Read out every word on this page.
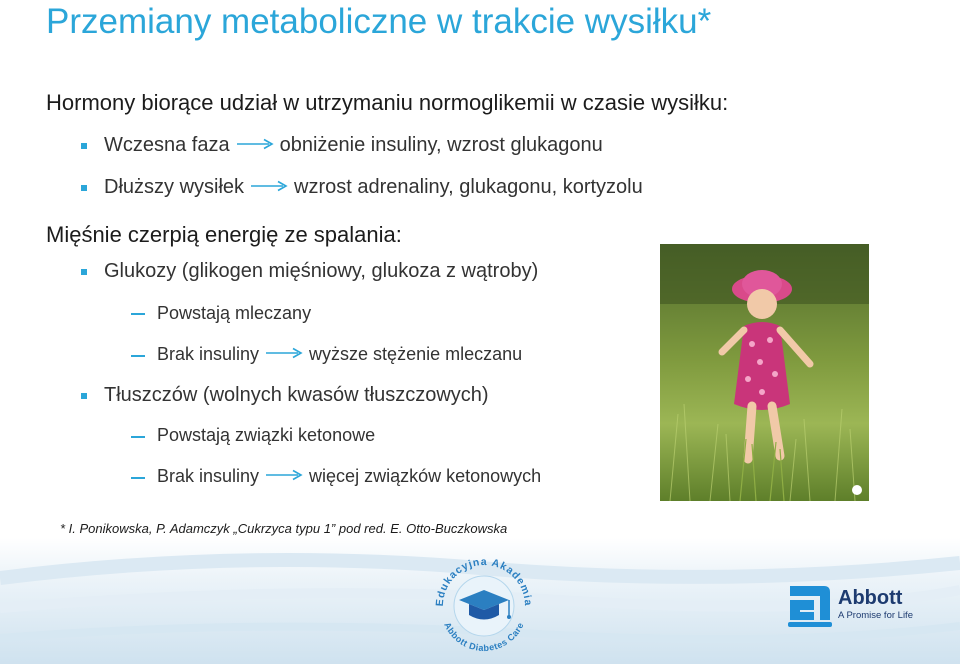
Przemiany metaboliczne w trakcie wysiłku*
Hormony biorące udział w utrzymaniu normoglikemii w czasie wysiłku:
Wczesna faza	obniżenie insuliny, wzrost glukagonu
Dłuższy wysiłek	wzrost adrenaliny, glukagonu, kortyzolu
Mięśnie czerpią energię ze spalania:
Glukozy (glikogen mięśniowy, glukoza z wątroby)
Powstają mleczany
Brak insuliny	wyższe stężenie mleczanu
Tłuszczów (wolnych kwasów tłuszczowych)
Powstają związki ketonowe
Brak insuliny	więcej związków ketonowych
* I. Ponikowska, P. Adamczyk „Cukrzyca typu 1” pod red. E. Otto-Buczkowska
Edukacyjna Akademia
Abbott Diabetes Care
Abbott
A Promise for Life
